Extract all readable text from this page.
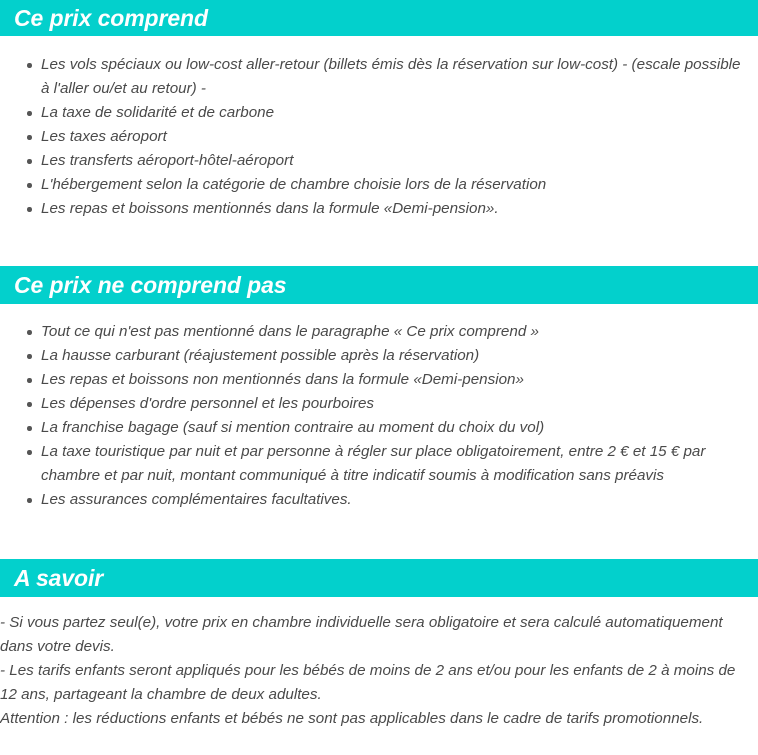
Ce prix comprend
Les vols spéciaux ou low-cost aller-retour (billets émis dès la réservation sur low-cost) - (escale possible à l'aller ou/et au retour) -
La taxe de solidarité et de carbone
Les taxes aéroport
Les transferts aéroport-hôtel-aéroport
L'hébergement selon la catégorie de chambre choisie lors de la réservation
Les repas et boissons mentionnés dans la formule «Demi-pension».
Ce prix ne comprend pas
Tout ce qui n'est pas mentionné dans le paragraphe « Ce prix comprend »
La hausse carburant (réajustement possible après la réservation)
Les repas et boissons non mentionnés dans la formule «Demi-pension»
Les dépenses d'ordre personnel et les pourboires
La franchise bagage (sauf si mention contraire au moment du choix du vol)
La taxe touristique par nuit et par personne à régler sur place obligatoirement, entre 2 € et 15 € par chambre et par nuit, montant communiqué à titre indicatif soumis à modification sans préavis
Les assurances complémentaires facultatives.
A savoir

- Si vous partez seul(e), votre prix en chambre individuelle sera obligatoire et sera calculé automatiquement dans votre devis.

- Les tarifs enfants seront appliqués pour les bébés de moins de 2 ans et/ou pour les enfants de 2 à moins de 12 ans, partageant la chambre de deux adultes.

Attention : les réductions enfants et bébés ne sont pas applicables dans le cadre de tarifs promotionnels.
